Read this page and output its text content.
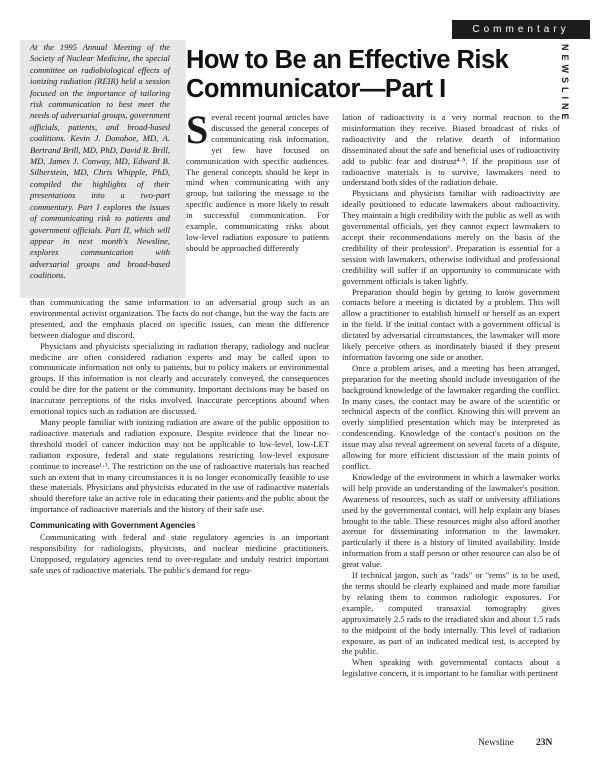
Commentary
NEWSLINE
At the 1995 Annual Meeting of the Society of Nuclear Medicine, the special committee on radiobiological effects of ionizing radiation (REIR) held a session focused on the importance of tailoring risk communication to best meet the needs of adversarial groups, government officials, patients, and broad-based coalitions. Kevin J. Donohoe, MD, A. Bertrand Brill, MD, PhD, David R. Brill, MD, James J. Conway, MD, Edward B. Silberstein, MD, Chris Whipple, PhD, compiled the highlights of their presentations into a two-part commentary. Part I explores the issues of communicating risk to patients and government officials. Part II, which will appear in next month's Newsline, explores communication with adversarial groups and broad-based coalitions.
How to Be an Effective Risk Communicator—Part I

Several recent journal articles have discussed the general concepts of communicating risk information, yet few have focused on communication with specific audiences. The general concepts should be kept in mind when communicating with any group, but tailoring the message to the specific audience is more likely to result in successful communication. For example, communicating risks about low-level radiation exposure to patients should be approached differently

than communicating the same information to an adversarial group such as an environmental activist organization. The facts do not change, but the way the facts are presented, and the emphasis placed on specific issues, can mean the difference between dialogue and discord.

Physicians and physicists specializing in radiation therapy, radiology and nuclear medicine are often considered radiation experts and may be called upon to communicate information not only to patients, but to policy makers or environmental groups. If this information is not clearly and accurately conveyed, the consequences could be dire for the patient or the community. Important decisions may be based on inaccurate perceptions of the risks involved. Inaccurate perceptions abound when emotional topics such as radiation are discussed.

Many people familiar with ionizing radiation are aware of the public opposition to radioactive materials and radiation exposure. Despite evidence that the linear no-threshold model of cancer induction may not be applicable to low-level, low-LET radiation exposure, federal and state regulations restricting low-level exposure continue to increase¹·³. The restriction on the use of radioactive materials has reached such an extent that in many circumstances it is no longer economically feasible to use these materials. Physicians and physicists educated in the use of radioactive materials should therefore take an active role in educating their patients and the public about the importance of radioactive materials and the history of their safe use.

Communicating with Government Agencies

Communicating with federal and state regulatory agencies is an important responsibility for radiologists, physicists, and nuclear medicine practitioners. Unopposed, regulatory agencies tend to over-regulate and unduly restrict important safe uses of radioactive materials. The public's demand for regu-

lation of radioactivity is a very normal reaction to the misinformation they receive. Biased broadcast of risks of radioactivity and the relative dearth of information disseminated about the safe and beneficial uses of radioactivity add to public fear and distrust⁴·⁵. If the propitious use of radioactive materials is to survive, lawmakers need to understand both sides of the radiation debate.

Physicians and physicists familiar with radioactivity are ideally positioned to educate lawmakers about radioactivity. They maintain a high credibility with the public as well as with governmental officials, yet they cannot expect lawmakers to accept their recommendations merely on the basis of the credibility of their profession⁶. Preparation is essential for a session with lawmakers, otherwise individual and professional credibility will suffer if an opportunity to communicate with government officials is taken lightly.

Preparation should begin by getting to know government contacts before a meeting is dictated by a problem. This will allow a practitioner to establish himself or herself as an expert in the field. If the initial contact with a government official is dictated by adversarial circumstances, the lawmaker will more likely perceive others as inordinately biased if they present information favoring one side or another.

Once a problem arises, and a meeting has been arranged, preparation for the meeting should include investigation of the background knowledge of the lawmaker regarding the conflict. In many cases, the contact may be aware of the scientific or technical aspects of the conflict. Knowing this will prevent an overly simplified presentation which may be interpreted as condescending. Knowledge of the contact's position on the issue may also reveal agreement on several facets of a dispute, allowing for more efficient discussion of the main points of conflict.

Knowledge of the environment in which a lawmaker works will help provide an understanding of the lawmaker's position. Awareness of resources, such as staff or university affiliations used by the governmental contact, will help explain any biases brought to the table. These resources might also afford another avenue for disseminating information to the lawmaker, particularly if there is a history of limited availability. Inside information from a staff person or other resource can also be of great value.

If technical jargon, such as "rads" or "rems" is to be used, the terms should be clearly explained and made more familiar by relating them to common radiologic exposures. For example, computed transaxial tomography gives approximately 2.5 rads to the irradiated skin and about 1.5 rads to the midpoint of the body internally. This level of radiation exposure, as part of an indicated medical test, is accepted by the public.

When speaking with governmental contacts about a legislative concern, it is important to be familiar with pertinent

Newsline 23N
